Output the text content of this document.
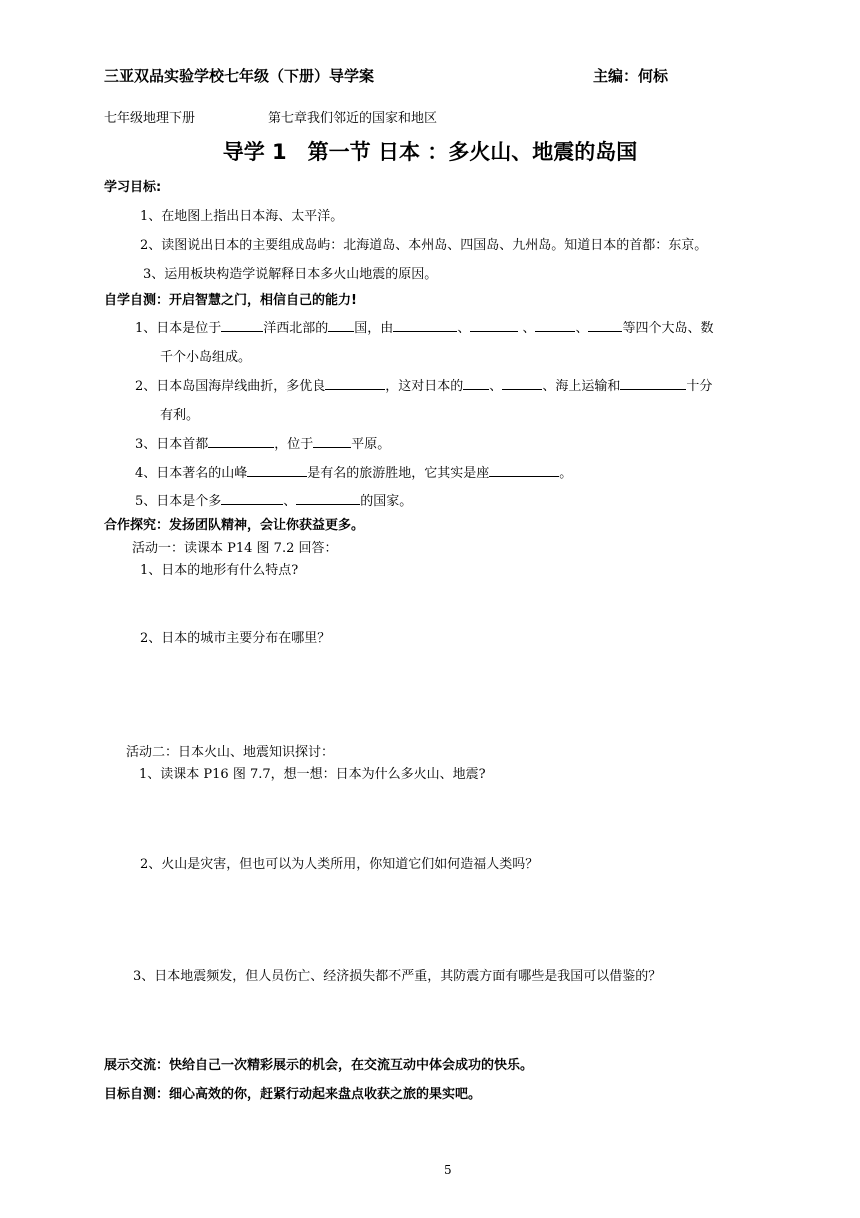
三亚双品实验学校七年级（下册）导学案	主编：何标
七年级地理下册	第七章我们邻近的国家和地区
导学 1　第一节 日本 ：多火山、地震的岛国
学习目标:
1、在地图上指出日本海、太平洋。
2、读图说出日本的主要组成岛屿：北海道岛、本州岛、四国岛、九州岛。知道日本的首都：东京。
3、运用板块构造学说解释日本多火山地震的原因。
自学自测：开启智慧之门，相信自己的能力!
1、日本是位于	洋西北部的 国，由	、	、	、	等四个大岛、数
千个小岛组成。
2、日本岛国海岸线曲折，多优良	，这对日本的 、	、海上运输和	十分
有利。
3、日本首都	，位于	平原。
4、日本著名的山峰	是有名的旅游胜地，它其实是座	。
5、日本是个多	、	的国家。
合作探究：发扬团队精神，会让你获益更多。
活动一：读课本 P14 图 7.2 回答：
1、日本的地形有什么特点?
2、日本的城市主要分布在哪里？
活动二：日本火山、地震知识探讨：
1、读课本 P16 图 7.7，想一想：日本为什么多火山、地震?
2、火山是灾害，但也可以为人类所用，你知道它们如何造福人类吗？
3、日本地震频发，但人员伤亡、经济损失都不严重，其防震方面有哪些是我国可以借鉴的？
展示交流：快给自己一次精彩展示的机会，在交流互动中体会成功的快乐。
目标自测：细心高效的你，赶紧行动起来盘点收获之旅的果实吧。
5
